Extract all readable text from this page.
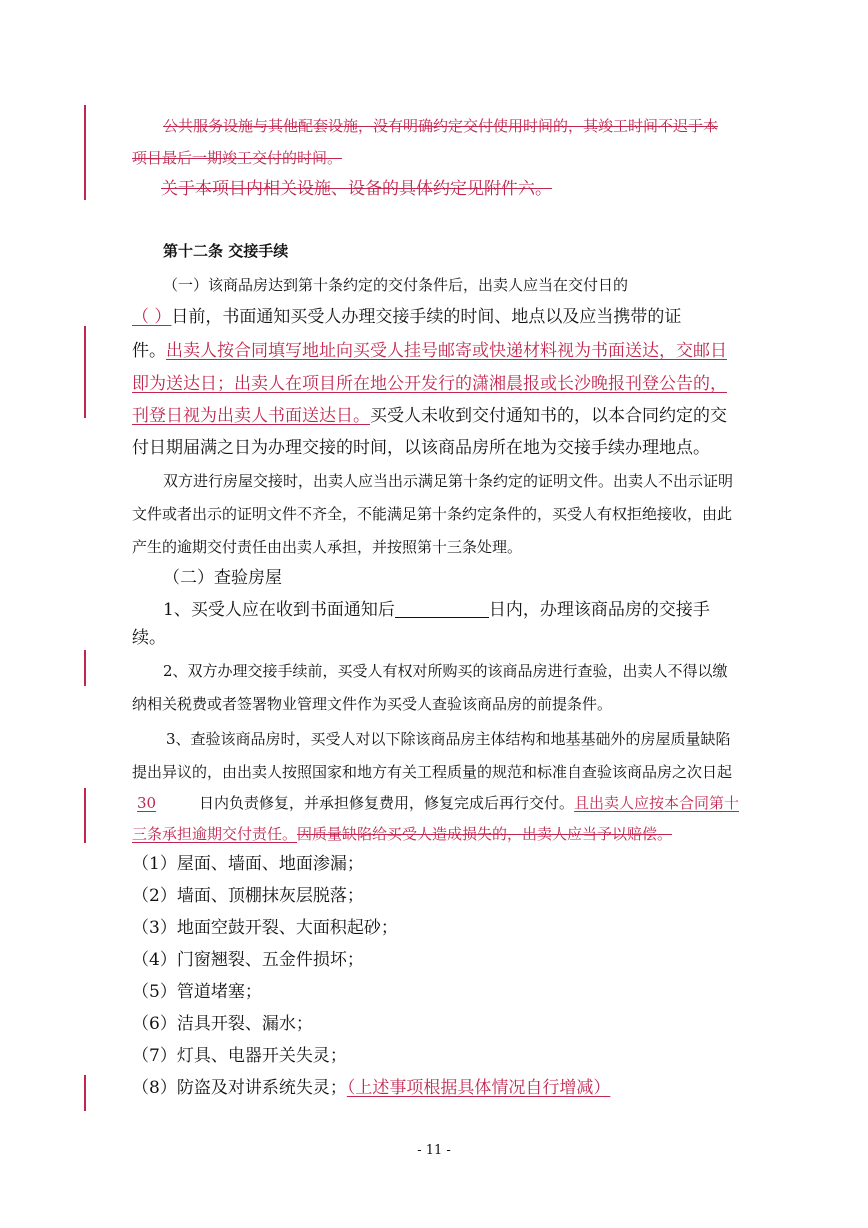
公共服务设施与其他配套设施，没有明确约定交付使用时间的，其竣工时间不迟于本
项目最后一期竣工交付的时间。
关于本项目内相关设施、设备的具体约定见附件六。
第十二条 交接手续
（一）该商品房达到第十条约定的交付条件后，出卖人应当在交付日的
（ ）日前，书面通知买受人办理交接手续的时间、地点以及应当携带的证
件。出卖人按合同填写地址向买受人挂号邮寄或快递材料视为书面送达，交邮日
即为送达日；出卖人在项目所在地公开发行的潇湘晨报或长沙晚报刊登公告的，
刊登日视为出卖人书面送达日。买受人未收到交付通知书的，以本合同约定的交
付日期届满之日为办理交接的时间，以该商品房所在地为交接手续办理地点。
双方进行房屋交接时，出卖人应当出示满足第十条约定的证明文件。出卖人不出示证明
文件或者出示的证明文件不齐全，不能满足第十条约定条件的，买受人有权拒绝接收，由此
产生的逾期交付责任由出卖人承担，并按照第十三条处理。
（二）查验房屋
1、买受人应在收到书面通知后	日内，办理该商品房的交接手
续。
2、双方办理交接手续前，买受人有权对所购买的该商品房进行查验，出卖人不得以缴
纳相关税费或者签署物业管理文件作为买受人查验该商品房的前提条件。
3、查验该商品房时，买受人对以下除该商品房主体结构和地基基础外的房屋质量缺陷
提出异议的，由出卖人按照国家和地方有关工程质量的规范和标准自查验该商品房之次日起
30	日内负责修复，并承担修复费用，修复完成后再行交付。且出卖人应按本合同第十
三条承担逾期交付责任。因质量缺陷给买受人造成损失的，出卖人应当予以赔偿。
（1）屋面、墙面、地面渗漏；
（2）墙面、顶棚抹灰层脱落；
（3）地面空鼓开裂、大面积起砂；
（4）门窗翘裂、五金件损坏；
（5）管道堵塞；
（6）洁具开裂、漏水；
（7）灯具、电器开关失灵；
（8）防盗及对讲系统失灵；（上述事项根据具体情况自行增减）
- 11 -
